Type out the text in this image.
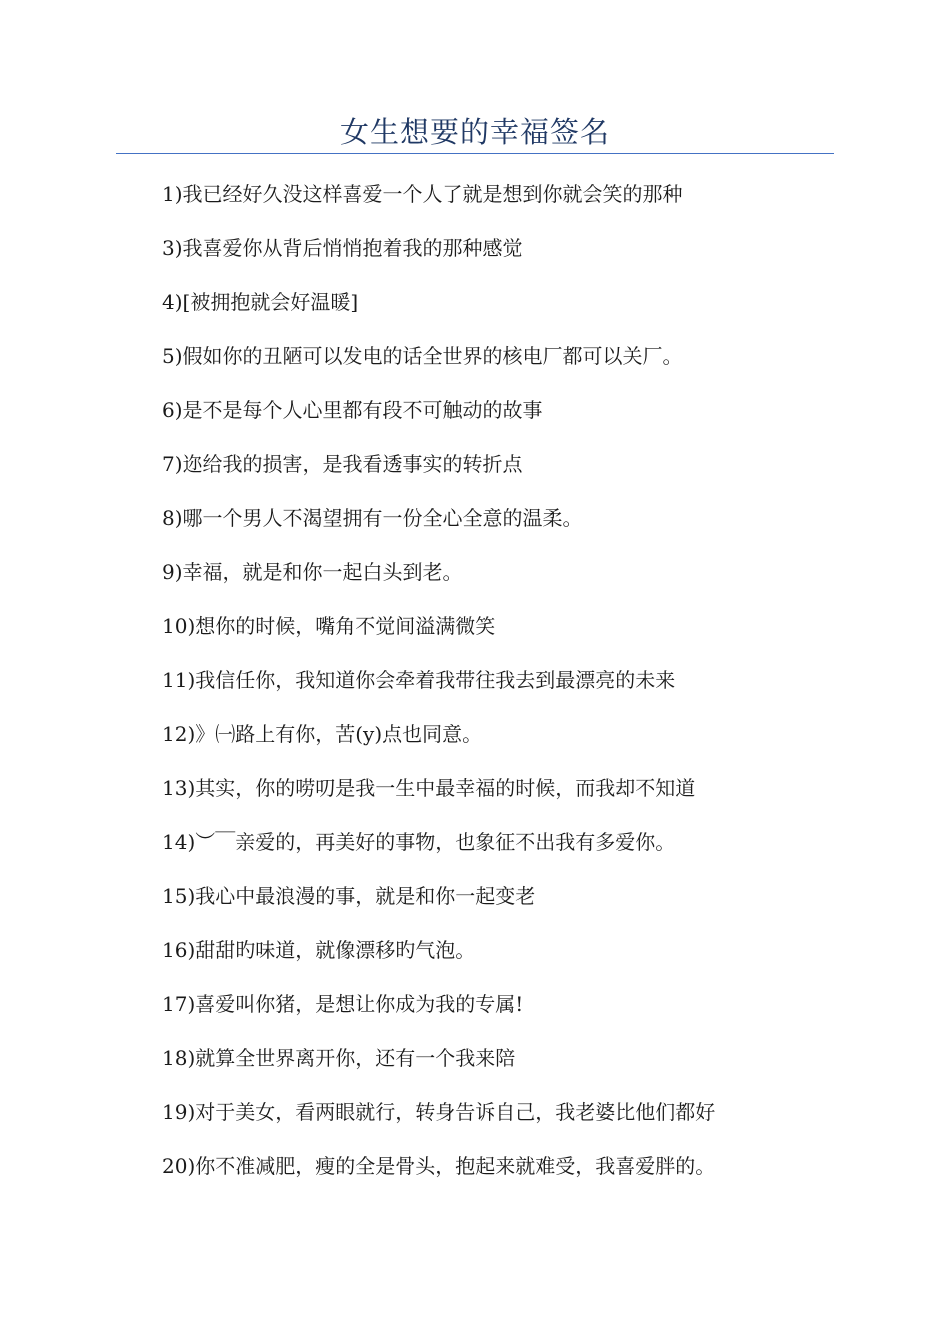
女生想要的幸福签名
1)我已经好久没这样喜爱一个人了就是想到你就会笑的那种
3)我喜爱你从背后悄悄抱着我的那种感觉
4)[被拥抱就会好温暖]
5)假如你的丑陋可以发电的话全世界的核电厂都可以关厂。
6)是不是每个人心里都有段不可触动的故事
7)迩给我的损害，是我看透事实的转折点
8)哪一个男人不渴望拥有一份全心全意的温柔。
9)幸福，就是和你一起白头到老。
10)想你的时候，嘴角不觉间溢满微笑
11)我信任你，我知道你会牵着我带往我去到最漂亮的未来
12)》㈠路上有你，苦(y)点也同意。
13)其实，你的唠叨是我一生中最幸福的时候，而我却不知道
14)︶￣亲爱的，再美好的事物，也象征不出我有多爱你。
15)我心中最浪漫的事，就是和你一起变老
16)甜甜旳味道，就像漂移旳气泡。
17)喜爱叫你猪，是想让你成为我的专属!
18)就算全世界离开你，还有一个我来陪
19)对于美女，看两眼就行，转身告诉自己，我老婆比他们都好
20)你不准减肥，瘦的全是骨头，抱起来就难受，我喜爱胖的。
